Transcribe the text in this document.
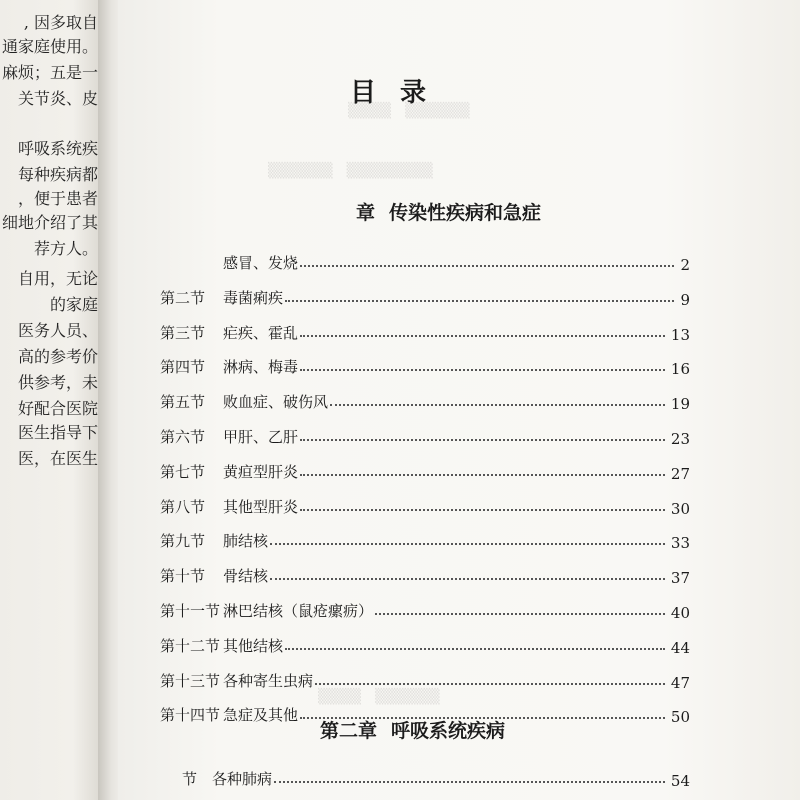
, 因多取自
通家庭使用。
麻烦；五是一
关节炎、皮
呼吸系统疾
每种疾病都
，便于患者
细地介绍了其
荐方人。
自用，无论
的家庭
医务人员、
高的参考价
供参考，未
好配合医院
医生指导下
医，在医生
▒▒▒▒　▒▒▒▒▒▒
▒▒▒▒▒▒　▒▒▒▒▒▒▒▒
▒▒▒▒　▒▒▒▒▒▒
目录
章 传染性疾病和急症
感冒、发烧	2
第二节 毒菌痢疾	9
第三节 疟疾、霍乱	13
第四节 淋病、梅毒	16
第五节 败血症、破伤风	19
第六节 甲肝、乙肝	23
第七节 黄疸型肝炎	27
第八节 其他型肝炎	30
第九节 肺结核	33
第十节 骨结核	37
第十一节 淋巴结核（鼠疮瘰疬）	40
第十二节 其他结核	44
第十三节 各种寄生虫病	47
第十四节 急症及其他	50
第二章 呼吸系统疾病
节 各种肺病	54
